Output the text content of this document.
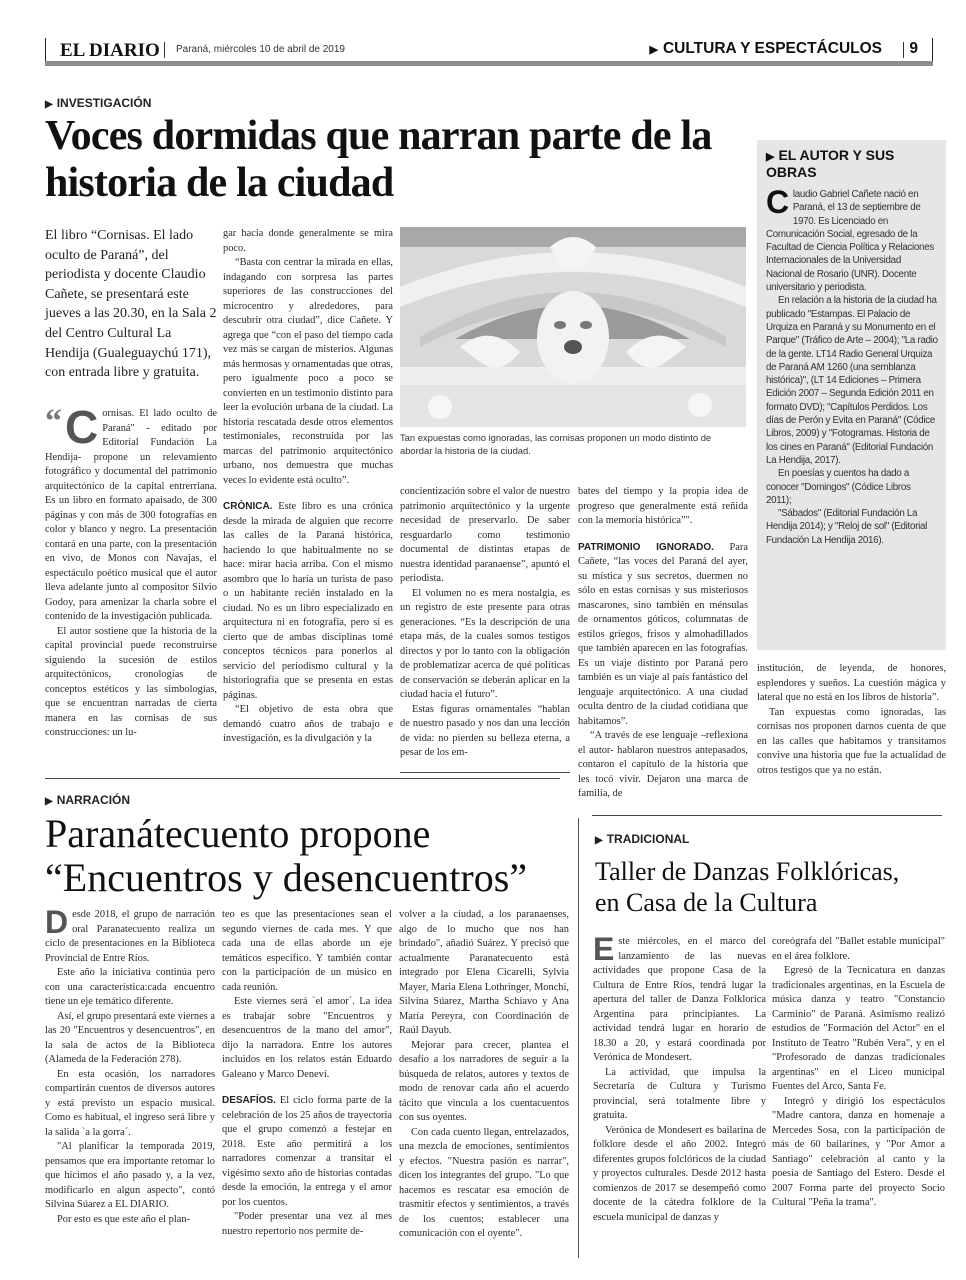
EL DIARIO Paraná, miércoles 10 de abril de 2019	▶ CULTURA Y ESPECTÁCULOS 9
▶ INVESTIGACIÓN
Voces dormidas que narran parte de la historia de la ciudad
El libro “Cornisas. El lado oculto de Paraná”, del periodista y docente Claudio Cañete, se presentará este jueves a las 20.30, en la Sala 2 del Centro Cultural La Hendija (Gualeguaychú 171), con entrada libre y gratuita.
“ C ornisas. El lado oculto de Paraná" - editado por Editorial Fundación La Hendija- propone un relevamiento fotográfico y documental del patrimonio arquitectónico de la capital entrerriana. Es un libro en formato apaisado, de 300 páginas y con más de 300 fotografías en color y blanco y negro. La presentación contará en una parte, con la presentación en vivo, de Monos con Navajas, el espectáculo poético musical que el autor lleva adelante junto al compositor Silvio Godoy, para amenizar la charla sobre el contenido de la investigación publicada.

El autor sostiene que la historia de la capital provincial puede reconstruirse siguiendo la sucesión de estilos arquitectónicos, cronologías de conceptos estéticos y las simbologías, que se encuentran narradas de cierta manera en las cornisas de sus construcciones: un lu-

gar hacia donde generalmente se mira poco.

“Basta con centrar la mirada en ellas, indagando con sorpresa las partes superiores de las construcciones del microcentro y alrededores, para descubrir otra ciudad”, dice Cañete. Y agrega que “con el paso del tiempo cada vez más se cargan de misterios. Algunas más hermosas y ornamentadas que otras, pero igualmente poco a poco se convierten en un testimonio distinto para leer la evolución urbana de la ciudad. La historia rescatada desde otros elementos testimoniales, reconstruida por las marcas del patrimonio arquitectónico urbano, nos demuestra que muchas veces lo evidente está oculto”.

CRÒNICA. Este libro es una crónica desde la mirada de alguien que recorre las calles de la Paraná histórica, haciendo lo que habitualmente no se hace: mirar hacia arriba. Con el mismo asombro que lo haría un turista de paso o un habitante recién instalado en la ciudad. No es un libro especializado en arquitectura ni en fotografía, pero sí es cierto que de ambas disciplinas tomé conceptos técnicos para ponerlos al servicio del periodismo cultural y la historiografía que se presenta en estas páginas.

“El objetivo de esta obra que demandó cuatro años de trabajo e investigación, es la divulgación y la

Tan expuestas como ignoradas, las cornisas proponen un modo distinto de abordar la historia de la ciudad.

concientización sobre el valor de nuestro patrimonio arquitectónico y la urgente necesidad de preservarlo. De saber resguardarlo como testimonio documental de distintas etapas de nuestra identidad paranaense”, apuntó el periodista.

El volumen no es mera nostalgia, es un registro de este presente para otras generaciones. “Es la descripción de una etapa más, de la cuales somos testigos directos y por lo tanto con la obligación de problematizar acerca de qué políticas de conservación se deberán aplicar en la ciudad hacia el futuro”.

Estas figuras ornamentales “hablan de nuestro pasado y nos dan una lección de vida: no pierden su belleza eterna, a pesar de los em-

bates del tiempo y la propia idea de progreso que generalmente está reñida con la memoria histórica”".

PATRIMONIO IGNORADO. Para Cañete, “las voces del Paraná del ayer, su mística y sus secretos, duermen no sólo en estas cornisas y sus misteriosos mascarones, sino también en ménsulas de ornamentos góticos, columnatas de estilos griegos, frisos y almohadillados que también aparecen en las fotografías. Es un viaje distinto por Paraná pero también es un viaje al país fantástico del lenguaje arquitectónico. A una ciudad oculta dentro de la ciudad cotidiana que habitamos”.

“A través de ese lenguaje –reflexiona el autor- hablaron nuestros antepasados, contaron el capítulo de la historia que les tocó vivir. Dejaron una marca de familia, de

▶ EL AUTOR Y SUS OBRAS
C laudio Gabriel Cañete nació en Paraná, el 13 de septiembre de 1970. Es Licenciado en Comunicación Social, egresado de la Facultad de Ciencia Política y Relaciones Internacionales de la Universidad Nacional de Rosario (UNR). Docente universitario y periodista.

En relación a la historia de la ciudad ha publicado "Estampas. El Palacio de Urquiza en Paraná y su Monumento en el Parque" (Tráfico de Arte – 2004); "La radio de la gente. LT14 Radio General Urquiza de Paraná AM 1260 (una semblanza histórica)", (LT 14 Ediciones – Primera Edición 2007 – Segunda Edición 2011 en formato DVD); "Capítulos Perdidos. Los días de Perón y Evita en Paraná" (Códice Libros, 2009) y "Fotogramas. Historia de los cines en Paraná" (Editorial Fundación La Hendija, 2017).

En poesías y cuentos ha dado a conocer "Domingos" (Códice Libros 2011);

"Sábados" (Editorial Fundación La Hendija 2014); y "Reloj de sol" (Editorial Fundación La Hendija 2016).

institución, de leyenda, de honores, esplendores y sueños. La cuestión mágica y lateral que no está en los libros de historia”.

Tan expuestas como ignoradas, las cornisas nos proponen darnos cuenta de que en las calles que habitamos y transitamos convive una historia que fue la actualidad de otros testigos que ya no están.

▶ NARRACIÓN
Paranátecuento propone
“Encuentros y desencuentros”
D esde 2018, el grupo de narración oral Paranatecuento realiza un ciclo de presentaciones en la Biblioteca Provincial de Entre Ríos.

Este año la iniciativa continúa pero con una característica:cada encuentro tiene un eje temático diferente.

Así, el grupo presentará este viernes a las 20 "Encuentros y desencuentros", en la sala de actos de la Biblioteca (Alameda de la Federación 278).

En esta ocasión, los narradores compartirán cuentos de diversos autores y está previsto un espacio musical. Como es habitual, el ingreso será libre y la salida `a la gorra´.

"Al planificar la temporada 2019, pensamos que era importante retomar lo que hicimos el año pasado y, a la vez, modificarlo en algun aspecto", contó Silvina Súarez a EL DIARIO.

Por esto es que este año el plan-

teo es que las presentaciones sean el segundo viernes de cada mes. Y que cada una de ellas aborde un eje temáticos específico. Y también contar con la participación de un músico en cada reunión.

Este viernes será `el amor´. La idea es trabajar sobre "Encuentros y desencuentros de la mano del amor", dijo la narradora. Entre los autores incluidos en los relatos están Eduardo Galeano y Marco Denevi.

DESAFÍOS. El ciclo forma parte de la celebración de los 25 años de trayectoria que el grupo comenzó a festejar en 2018. Este año permitirá a los narradores comenzar a transitar el vigésimo sexto año de historias contadas desde la emoción, la entrega y el amor por los cuentos.

"Poder presentar una vez al mes nuestro repertorio nos permite de-

volver a la ciudad, a los paranaenses, algo de lo mucho que nos han brindado", añadió Suárez. Y precisó que actualmente Paranatecuento está integrado por Elena Cicarelli, Sylvia Mayer, Maria Elena Lothringer, Monchi, Silvina Súarez, Martha Schiavo y Ana María Pereyra, con Coordinación de Raúl Dayub.

Mejorar para crecer, plantea el desafío a los narradores de seguir a la búsqueda de relatos, autores y textos de modo de renovar cada año el acuerdo tácito que vincula a los cuentacuentos con sus oyentes.

Con cada cuento llegan, entrelazados, una mezcla de emociones, sentimientos y efectos. "Nuestra pasión es narrar", dicen los integrantes del grupo. "Lo que hacemos es rescatar esa emoción de trasmitir efectos y sentimientos, a través de los cuentos; establecer una comunicación con el oyente".

▶ TRADICIONAL
Taller de Danzas Folklóricas,
en Casa de la Cultura
E ste miércoles, en el marco del lanzamiento de las nuevas actividades que propone Casa de la Cultura de Entre Ríos, tendrá lugar la apertura del taller de Danza Folklorica Argentina para principiantes. La actividad tendrá lugar en horario de 18.30 a 20, y estará coordinada por Verónica de Mondesert.

La actividad, que impulsa la Secretaría de Cultura y Turismo provincial, será totalmente libre y gratuita.

Verónica de Mondesert es bailarina de folklore desde el año 2002. Integró diferentes grupos folclóricos de la ciudad y proyectos culturales. Desde 2012 hasta comienzos de 2017 se desempeñó como docente de la cátedra folklore de la escuela municipal de danzas y

coreógrafa del "Ballet estable municipal" en el área folklore.

Egresó de la Tecnicatura en danzas tradicionales argentinas, en la Escuela de música danza y teatro "Constancio Carminio" de Paraná. Asimismo realizó estudios de "Formación del Actor" en el Instituto de Teatro "Rubén Vera", y en el "Profesorado de danzas tradicionales argentinas" en el Liceo municipal Fuentes del Arco, Santa Fe.

Integró y dirigió los espectáculos "Madre cantora, danza en homenaje a Mercedes Sosa, con la participación de más de 60 bailarines, y "Por Amor a Santiago" celebración al canto y la poesía de Santiago del Estero. Desde el 2007 Forma parte del proyecto Socio Cultural "Peña la trama".
